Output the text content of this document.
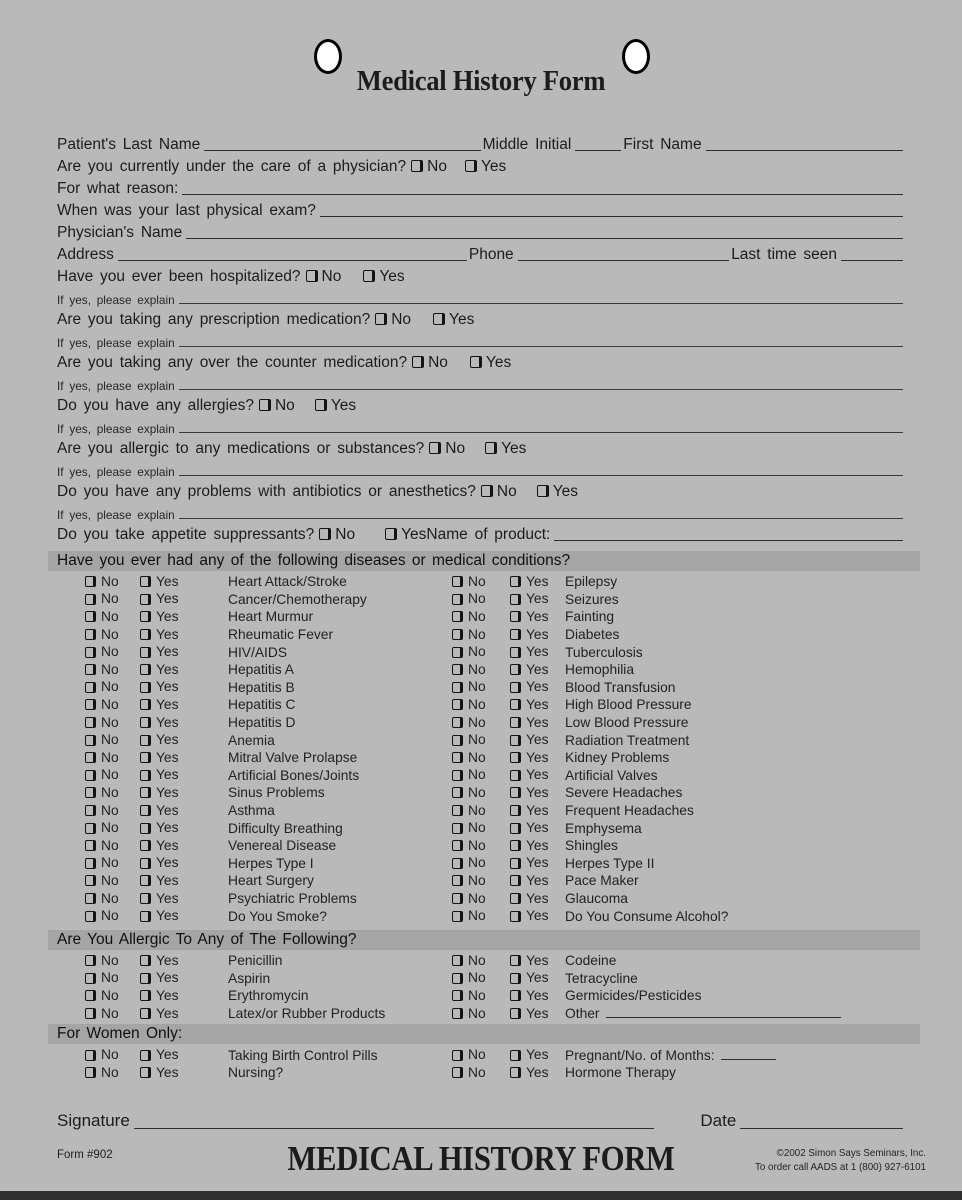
Medical History Form
Patient's Last Name	Middle Initial	First Name
Are you currently under the care of a physician? No Yes
For what reason:
When was your last physical exam?
Physician's Name
Address	Phone	Last time seen
Have you ever been hospitalized? No Yes
If yes, please explain
Are you taking any prescription medication? No Yes
If yes, please explain
Are you taking any over the counter medication? No Yes
If yes, please explain
Do you have any allergies? No Yes
If yes, please explain
Are you allergic to any medications or substances? No Yes
If yes, please explain
Do you have any problems with antibiotics or anesthetics? No Yes
If yes, please explain
Do you take appetite suppressants? No	Yes Name of product:
Have you ever had any of the following diseases or medical conditions?
No	Yes	Heart Attack/Stroke	No	Yes Epilepsy
No	Yes	Cancer/Chemotherapy	No	Yes Seizures
No	Yes	Heart Murmur	No	Yes Fainting
No	Yes	Rheumatic Fever	No	Yes Diabetes
No	Yes	HIV/AIDS	No	Yes Tuberculosis
No	Yes	Hepatitis A	No	Yes Hemophilia
No	Yes	Hepatitis B	No	Yes Blood Transfusion
No	Yes	Hepatitis C	No	Yes High Blood Pressure
No	Yes	Hepatitis D	No	Yes Low Blood Pressure
No	Yes	Anemia	No	Yes Radiation Treatment
No	Yes	Mitral Valve Prolapse	No	Yes Kidney Problems
No	Yes	Artificial Bones/Joints	No	Yes Artificial Valves
No	Yes	Sinus Problems	No	Yes Severe Headaches
No	Yes	Asthma	No	Yes Frequent Headaches
No	Yes	Difficulty Breathing	No	Yes Emphysema
No	Yes	Venereal Disease	No	Yes Shingles
No	Yes	Herpes Type I	No	Yes Herpes Type II
No	Yes	Heart Surgery	No	Yes Pace Maker
No	Yes	Psychiatric Problems	No	Yes Glaucoma
No	Yes	Do You Smoke?	No	Yes Do You Consume Alcohol?
Are You Allergic To Any of The Following?
No	Yes	Penicillin	No	Yes Codeine
No	Yes	Aspirin	No	Yes Tetracycline
No	Yes	Erythromycin	No	Yes Germicides/Pesticides
No	Yes	Latex/or Rubber Products	No	Yes Other
For Women Only:
No	Yes	Taking Birth Control Pills	No	Yes Pregnant/No. of Months:
No	Yes	Nursing?	No	Yes Hormone Therapy
Signature	Date
Form #902	MEDICAL HISTORY FORM	©2002 Simon Says Seminars, Inc.
To order call AADS at 1 (800) 927-6101
